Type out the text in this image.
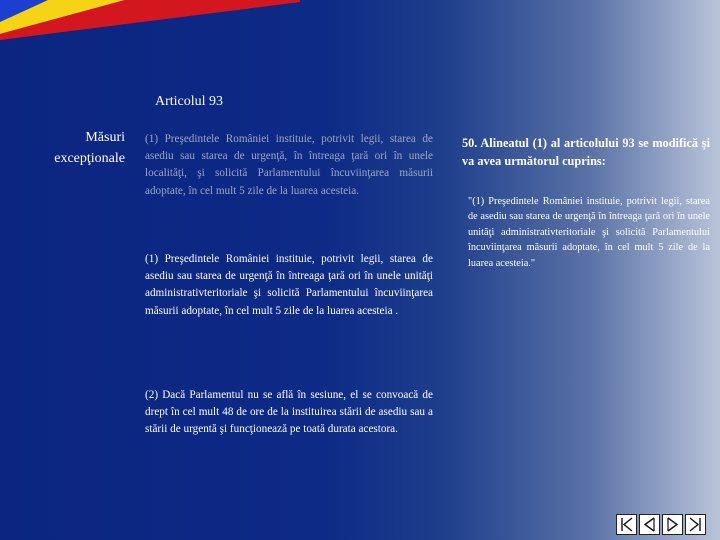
Articolul 93
Măsuri
excepţionale
(1) Preşedintele României instituie, potrivit legii, starea de asediu sau starea de urgenţă, în întreaga ţară ori în unele localităţi, şi solicită Parlamentului încuviinţarea măsurii adoptate, în cel mult 5 zile de la luarea acesteia.
(1) Preşedintele României instituie, potrivit legii, starea de asediu sau starea de urgenţă în întreaga ţară ori în unele unităţi administrativteritoriale şi solicită Parlamentului încuviinţarea măsurii adoptate, în cel mult 5 zile de la luarea acesteia .
(2) Dacă Parlamentul nu se află în sesiune, el se convoacă de drept în cel mult 48 de ore de la instituirea stării de asediu sau a stării de urgentă şi funcţionează pe toată durata acestora.
50. Alineatul (1) al articolului 93 se modifică şi va avea următorul cuprins:
"(1) Preşedintele României instituie, potrivit legii, starea de asediu sau starea de urgenţă în întreaga ţară ori în unele unităţi administrativteritoriale şi solicită Parlamentului încuviinţarea măsurii adoptate, în cel mult 5 zile de la luarea acesteia."
